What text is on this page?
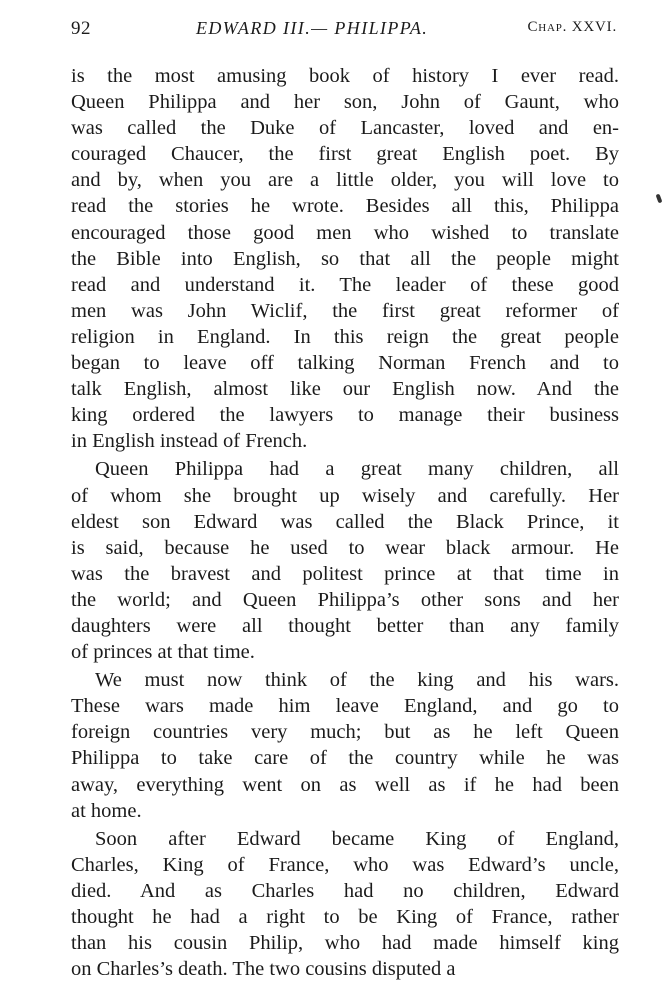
92	EDWARD III.— PHILIPPA.	Chap. XXVI.
is the most amusing book of history I ever read.
Queen Philippa and her son, John of Gaunt, who
was called the Duke of Lancaster, loved and en-
couraged Chaucer, the first great English poet. By
and by, when you are a little older, you will love to
read the stories he wrote. Besides all this, Philippa
encouraged those good men who wished to translate
the Bible into English, so that all the people might
read and understand it. The leader of these good
men was John Wiclif, the first great reformer of
religion in England. In this reign the great people
began to leave off talking Norman French and to
talk English, almost like our English now. And the
king ordered the lawyers to manage their business
in English instead of French.
Queen Philippa had a great many children, all
of whom she brought up wisely and carefully. Her
eldest son Edward was called the Black Prince, it
is said, because he used to wear black armour. He
was the bravest and politest prince at that time in
the world; and Queen Philippa’s other sons and her
daughters were all thought better than any family
of princes at that time.
We must now think of the king and his wars.
These wars made him leave England, and go to
foreign countries very much; but as he left Queen
Philippa to take care of the country while he was
away, everything went on as well as if he had been
at home.
Soon after Edward became King of England,
Charles, King of France, who was Edward’s uncle,
died. And as Charles had no children, Edward
thought he had a right to be King of France, rather
than his cousin Philip, who had made himself king
on Charles’s death. The two cousins disputed a
